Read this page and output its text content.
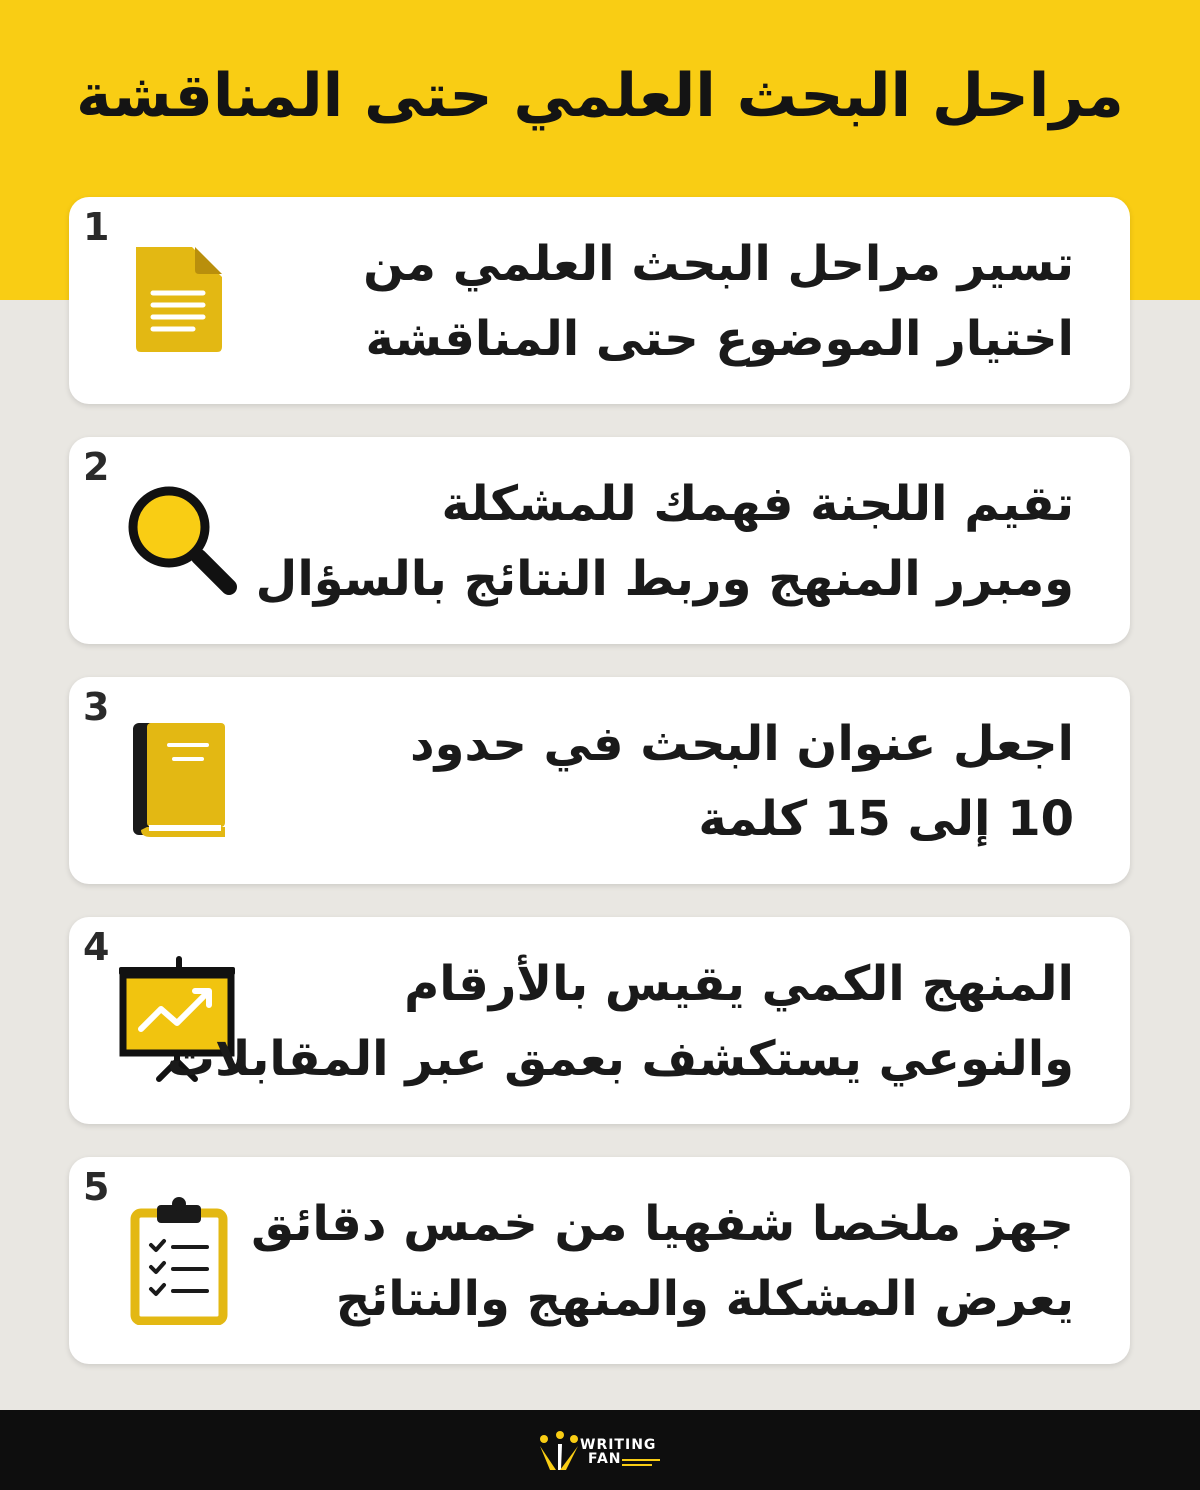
مراحل البحث العلمي حتى المناقشة
1
تسير مراحل البحث العلمي من
اختيار الموضوع حتى المناقشة
2
تقيم اللجنة فهمك للمشكلة
ومبرر المنهج وربط النتائج بالسؤال
3
اجعل عنوان البحث في حدود
10 إلى 15 كلمة
4
المنهج الكمي يقيس بالأرقام
والنوعي يستكشف بعمق عبر المقابلات
5
جهز ملخصا شفهيا من خمس دقائق
يعرض المشكلة والمنهج والنتائج
WRITING
FAN
